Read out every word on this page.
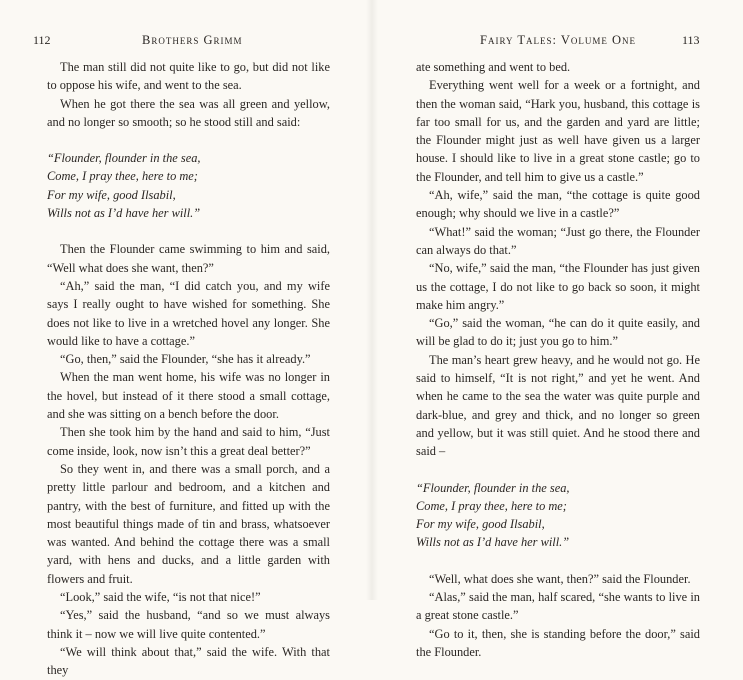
112	Brothers Grimm

The man still did not quite like to go, but did not like to oppose his wife, and went to the sea.

When he got there the sea was all green and yellow, and no longer so smooth; so he stood still and said:

“Flounder, flounder in the sea,
Come, I pray thee, here to me;
For my wife, good Ilsabil,
Wills not as I’d have her will.”

Then the Flounder came swimming to him and said, “Well what does she want, then?”

“Ah,” said the man, “I did catch you, and my wife says I really ought to have wished for something. She does not like to live in a wretched hovel any longer. She would like to have a cottage.”

“Go, then,” said the Flounder, “she has it already.”

When the man went home, his wife was no longer in the hovel, but instead of it there stood a small cottage, and she was sitting on a bench before the door.

Then she took him by the hand and said to him, “Just come inside, look, now isn’t this a great deal better?”

So they went in, and there was a small porch, and a pretty little parlour and bedroom, and a kitchen and pantry, with the best of furniture, and fitted up with the most beautiful things made of tin and brass, whatsoever was wanted. And behind the cottage there was a small yard, with hens and ducks, and a little garden with flowers and fruit.

“Look,” said the wife, “is not that nice!”

“Yes,” said the husband, “and so we must always think it – now we will live quite contented.”

“We will think about that,” said the wife. With that they

Fairy Tales: Volume One	113

ate something and went to bed.

Everything went well for a week or a fortnight, and then the woman said, “Hark you, husband, this cottage is far too small for us, and the garden and yard are little; the Flounder might just as well have given us a larger house. I should like to live in a great stone castle; go to the Flounder, and tell him to give us a castle.”

“Ah, wife,” said the man, “the cottage is quite good enough; why should we live in a castle?”

“What!” said the woman; “Just go there, the Flounder can always do that.”

“No, wife,” said the man, “the Flounder has just given us the cottage, I do not like to go back so soon, it might make him angry.”

“Go,” said the woman, “he can do it quite easily, and will be glad to do it; just you go to him.”

The man’s heart grew heavy, and he would not go. He said to himself, “It is not right,” and yet he went. And when he came to the sea the water was quite purple and dark-blue, and grey and thick, and no longer so green and yellow, but it was still quiet. And he stood there and said –

“Flounder, flounder in the sea,
Come, I pray thee, here to me;
For my wife, good Ilsabil,
Wills not as I’d have her will.”

“Well, what does she want, then?” said the Flounder.

“Alas,” said the man, half scared, “she wants to live in a great stone castle.”

“Go to it, then, she is standing before the door,” said the Flounder.
